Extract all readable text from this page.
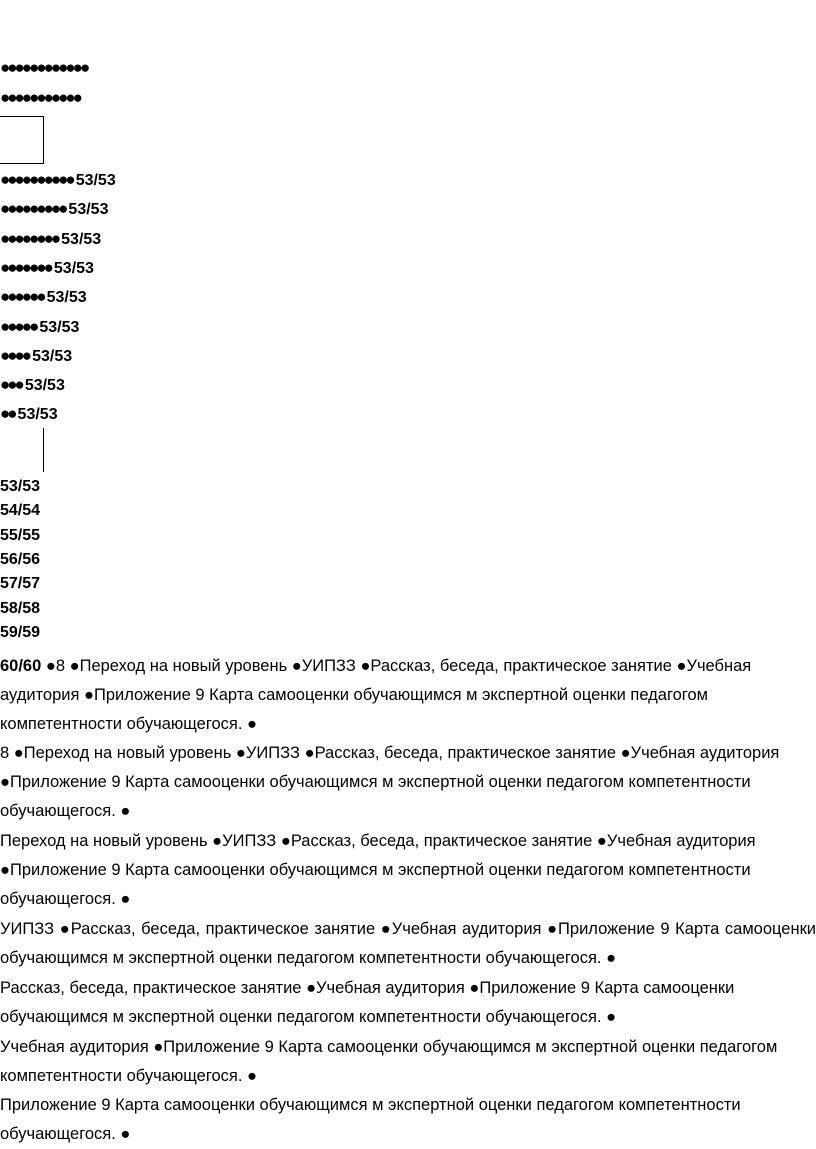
●●●●●●●●●●●●
●●●●●●●●●●●
●●●●●●●●●● 53/53
●●●●●●●●● 53/53
●●●●●●●● 53/53
●●●●●●● 53/53
●●●●●● 53/53
●●●●● 53/53
●●●● 53/53
●●● 53/53
●● 53/53
53/53
54/54
55/55
56/56
57/57
58/58
59/59
60/60 ●8 ●Переход на новый уровень ●УИПЗЗ ●Рассказ, беседа, практическое занятие ●Учебная аудитория ●Приложение 9 Карта самооценки обучающимся м экспертной оценки педагогом компетентности обучающегося. ●
8 ●Переход на новый уровень ●УИПЗЗ ●Рассказ, беседа, практическое занятие ●Учебная аудитория ●Приложение 9 Карта самооценки обучающимся м экспертной оценки педагогом компетентности обучающегося. ●
Переход на новый уровень ●УИПЗЗ ●Рассказ, беседа, практическое занятие ●Учебная аудитория ●Приложение 9 Карта самооценки обучающимся м экспертной оценки педагогом компетентности обучающегося. ●
УИПЗЗ ●Рассказ, беседа, практическое занятие ●Учебная аудитория ●Приложение 9 Карта самооценки обучающимся м экспертной оценки педагогом компетентности обучающегося. ●
Рассказ, беседа, практическое занятие ●Учебная аудитория ●Приложение 9 Карта самооценки обучающимся м экспертной оценки педагогом компетентности обучающегося. ●
Учебная аудитория ●Приложение 9 Карта самооценки обучающимся м экспертной оценки педагогом компетентности обучающегося. ●
Приложение 9 Карта самооценки обучающимся м экспертной оценки педагогом компетентности обучающегося. ●
